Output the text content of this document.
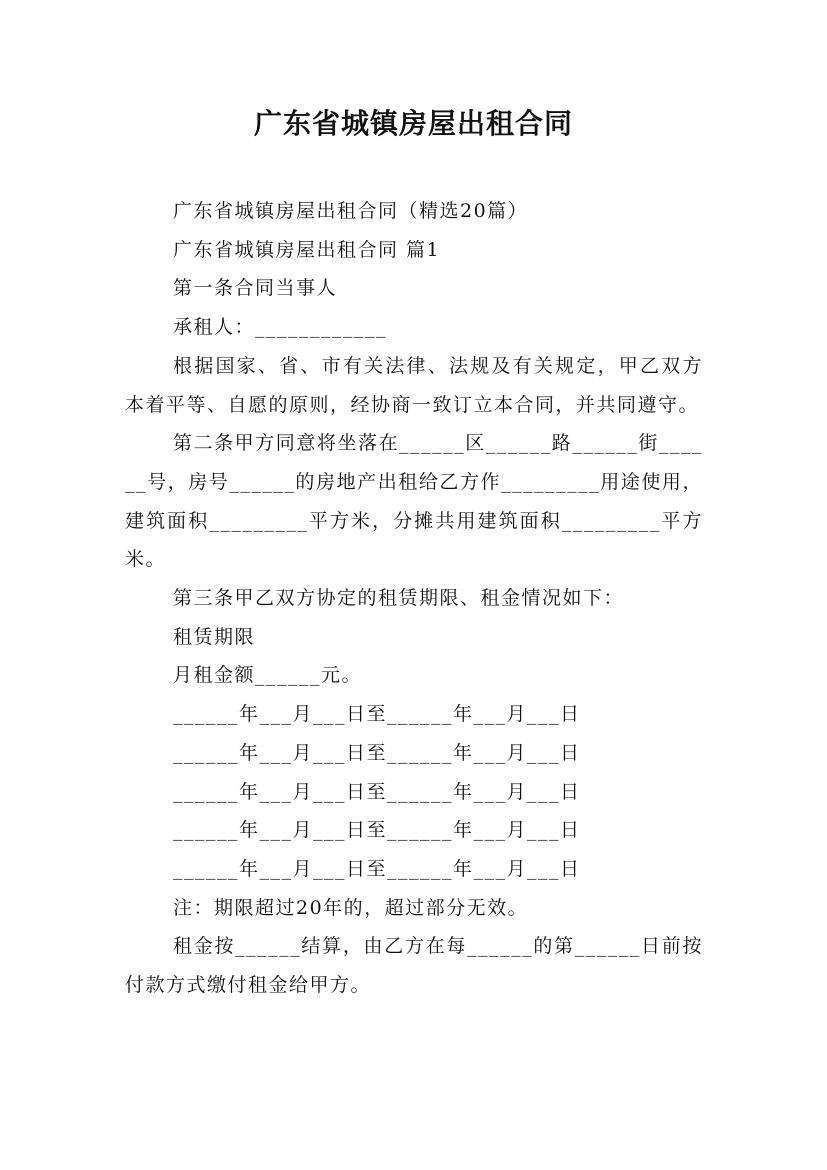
广东省城镇房屋出租合同

广东省城镇房屋出租合同（精选20篇）

广东省城镇房屋出租合同 篇1

第一条合同当事人

承租人：____________

根据国家、省、市有关法律、法规及有关规定，甲乙双方本着平等、自愿的原则，经协商一致订立本合同，并共同遵守。

第二条甲方同意将坐落在______区______路______街______号，房号______的房地产出租给乙方作_________用途使用，建筑面积_________平方米，分摊共用建筑面积_________平方米。

第三条甲乙双方协定的租赁期限、租金情况如下：

租赁期限

月租金额______元。

______年___月___日至______年___月___日

______年___月___日至______年___月___日

______年___月___日至______年___月___日

______年___月___日至______年___月___日

______年___月___日至______年___月___日

注：期限超过20年的，超过部分无效。

租金按______结算，由乙方在每______的第______日前按付款方式缴付租金给甲方。
